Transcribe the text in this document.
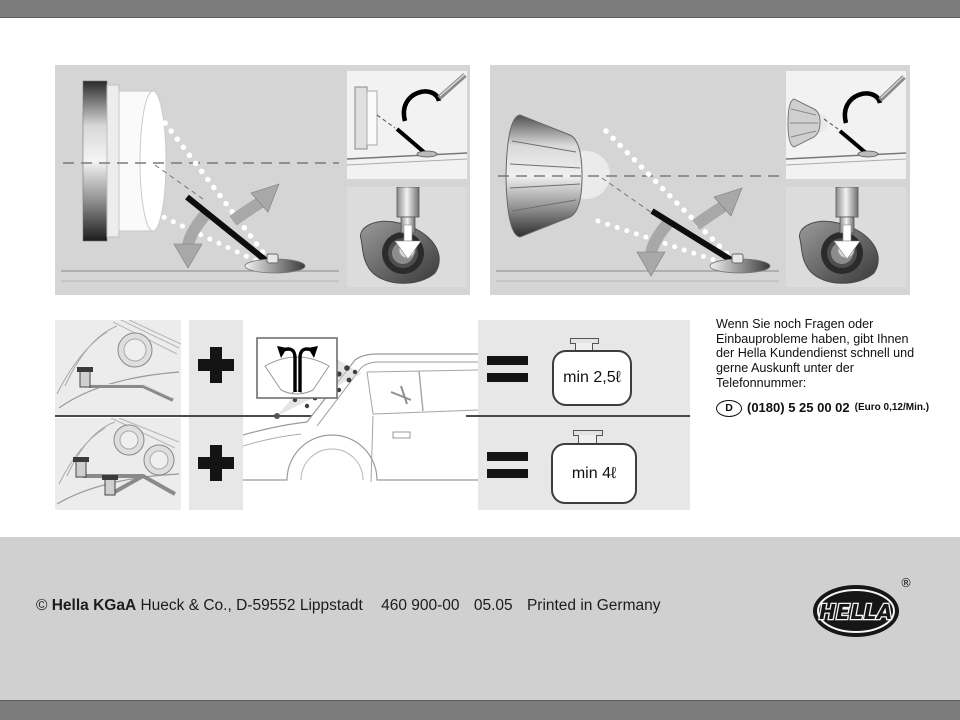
min 2,5ℓ
min 4ℓ
Wenn Sie noch Fragen oder
Einbauprobleme haben, gibt Ihnen
der Hella Kundendienst schnell und
gerne Auskunft unter der
Telefonnummer:
D	(0180) 5 25 00 02 (Euro 0,12/Min.)
© Hella KGaA Hueck & Co., D-59552 Lippstadt 460 900-00 05.05 Printed in Germany	HELLA
®
